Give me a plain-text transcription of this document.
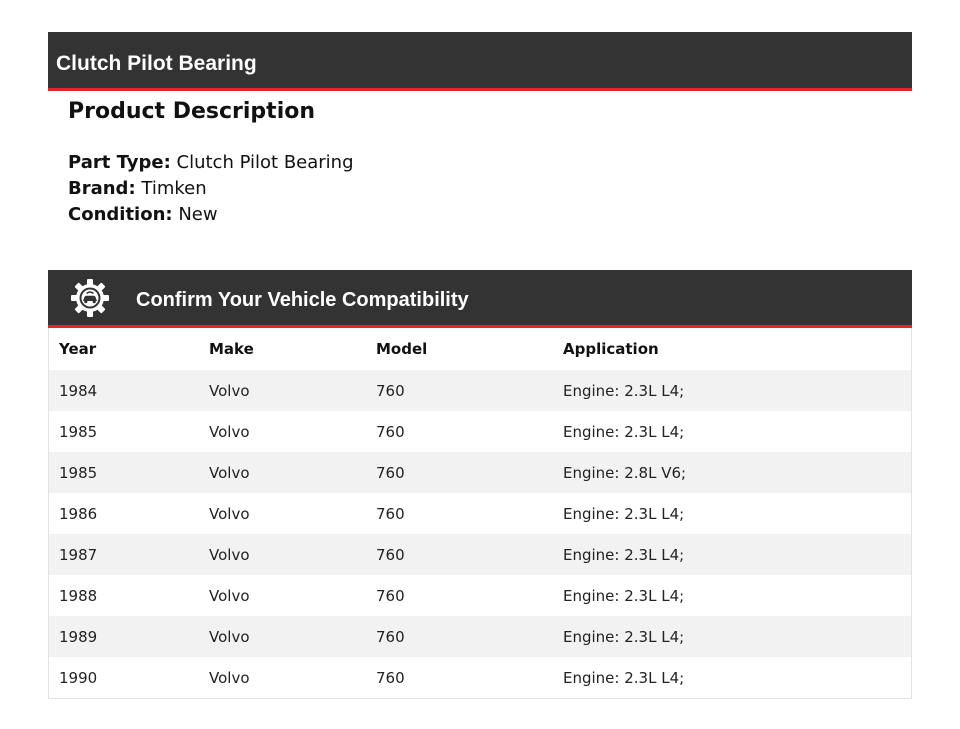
Clutch Pilot Bearing
Product Description
Part Type: Clutch Pilot Bearing
Brand: Timken
Condition: New
Confirm Your Vehicle Compatibility
Year	Make	Model	Application
1984	Volvo	760	Engine: 2.3L L4;
1985	Volvo	760	Engine: 2.3L L4;
1985	Volvo	760	Engine: 2.8L V6;
1986	Volvo	760	Engine: 2.3L L4;
1987	Volvo	760	Engine: 2.3L L4;
1988	Volvo	760	Engine: 2.3L L4;
1989	Volvo	760	Engine: 2.3L L4;
1990	Volvo	760	Engine: 2.3L L4;
